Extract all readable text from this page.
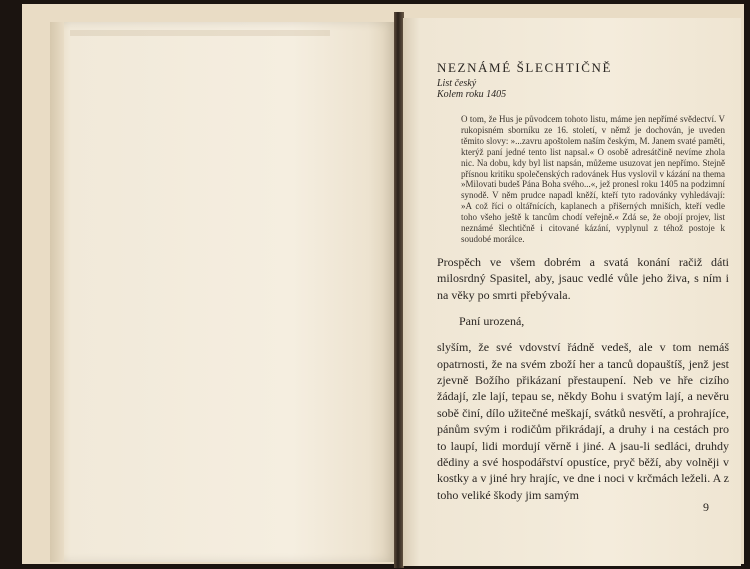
NEZNÁMÉ ŠLECHTIČNĚ

List český

Kolem roku 1405

O tom, že Hus je původcem tohoto listu, máme jen nepřímé svědectví. V rukopisném sborníku ze 16. století, v němž je dochován, je uveden těmito slovy: »...zavru apoštolem naším českým, M. Janem svaté paměti, kterýž paní jedné tento list napsal.« O osobě adresátčině nevíme zhola nic. Na dobu, kdy byl list napsán, můžeme usuzovat jen nepřímo. Stejně přísnou kritiku společenských radovánek Hus vyslovil v kázání na thema »Milovati budeš Pána Boha svého...«, jež pronesl roku 1405 na podzimní synodě. V něm prudce napadl kněží, kteří tyto radovánky vyhledávají: »A což říci o oltářnících, kaplanech a přišerných mniších, kteří vedle toho všeho ještě k tancům chodí veřejně.« Zdá se, že obojí projev, list neznámé šlechtičně i citované kázání, vyplynul z téhož postoje k soudobé morálce.

Prospěch ve všem dobrém a svatá konání račiž dáti milosrdný Spasitel, aby, jsauc vedlé vůle jeho živa, s ním i na věky po smrti přebývala.

Paní urozená,

slyším, že své vdovství řádně vedeš, ale v tom nemáš opatrnosti, že na svém zboží her a tanců dopauštíš, jenž jest zjevně Božího přikázaní přestaupení. Neb ve hře cizího žádají, zle lají, tepau se, někdy Bohu i svatým lají, a nevěru sobě činí, dílo užitečné meškají, svátků nesvětí, a prohrajíce, pánům svým i rodičům přikrádají, a druhy i na cestách pro to laupí, lidi mordují věrně i jiné. A jsau-li sedláci, druhdy dědiny a své hospodářství opustíce, pryč běží, aby volněji v kostky a v jiné hry hrajíc, ve dne i noci v krčmách leželi. A z toho veliké škody jim samým

9
